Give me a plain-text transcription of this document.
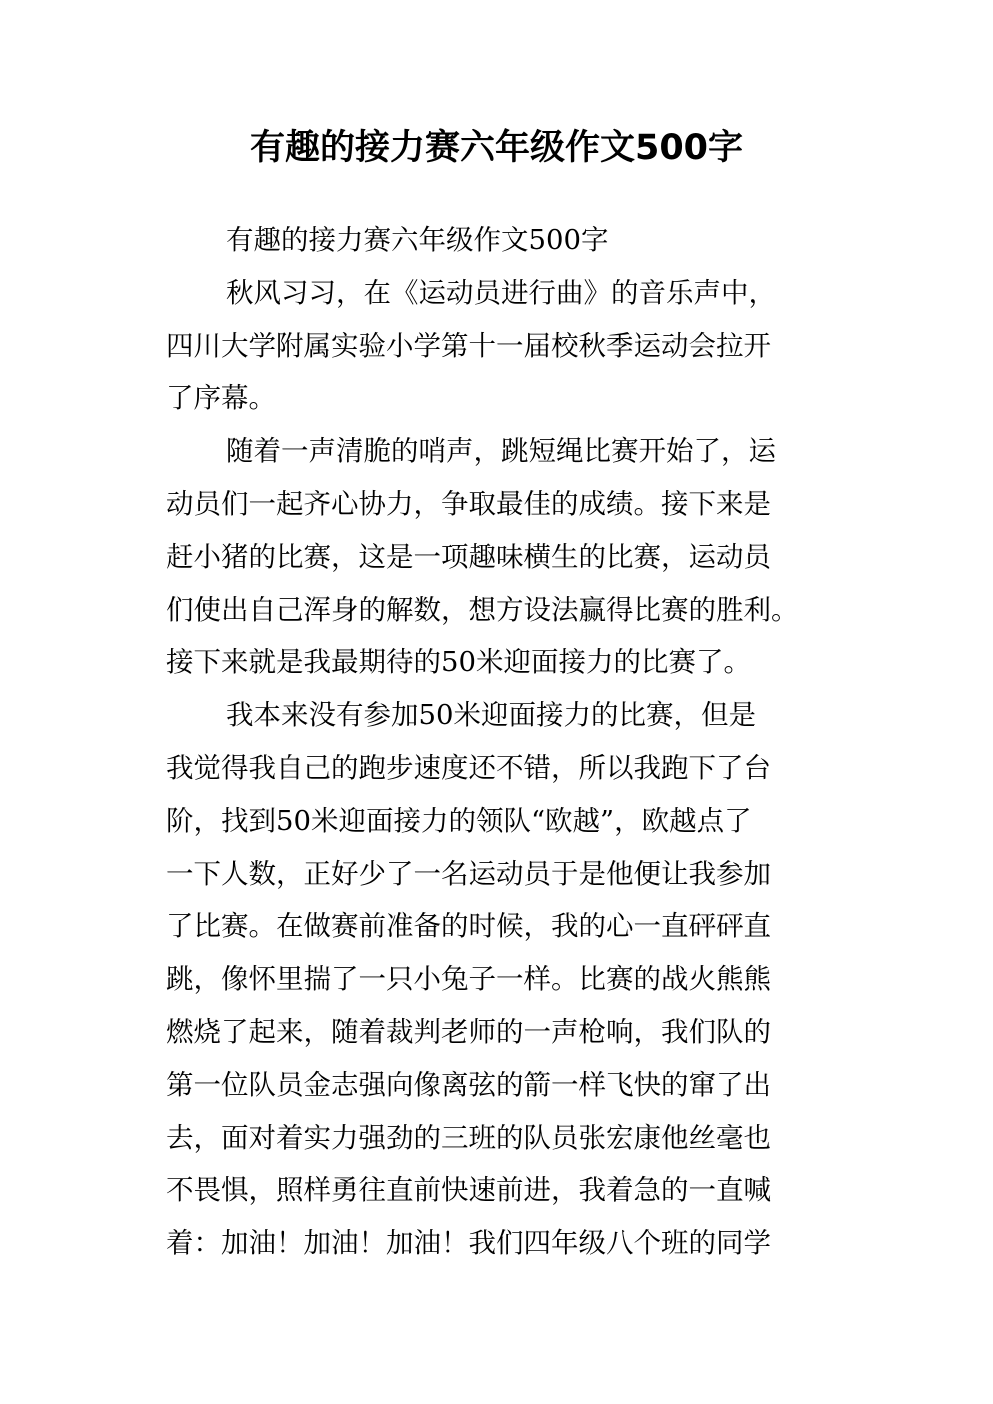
有趣的接力赛六年级作文500字
有趣的接力赛六年级作文500字
秋风习习，在《运动员进行曲》的音乐声中，
四川大学附属实验小学第十一届校秋季运动会拉开
了序幕。
随着一声清脆的哨声，跳短绳比赛开始了，运
动员们一起齐心协力，争取最佳的成绩。接下来是
赶小猪的比赛，这是一项趣味横生的比赛，运动员
们使出自己浑身的解数，想方设法赢得比赛的胜利。
接下来就是我最期待的50米迎面接力的比赛了。
我本来没有参加50米迎面接力的比赛，但是
我觉得我自己的跑步速度还不错，所以我跑下了台
阶，找到50米迎面接力的领队“欧越”，欧越点了
一下人数，正好少了一名运动员于是他便让我参加
了比赛。在做赛前准备的时候，我的心一直砰砰直
跳，像怀里揣了一只小兔子一样。比赛的战火熊熊
燃烧了起来，随着裁判老师的一声枪响，我们队的
第一位队员金志强向像离弦的箭一样飞快的窜了出
去，面对着实力强劲的三班的队员张宏康他丝毫也
不畏惧，照样勇往直前快速前进，我着急的一直喊
着：加油！加油！加油！我们四年级八个班的同学
